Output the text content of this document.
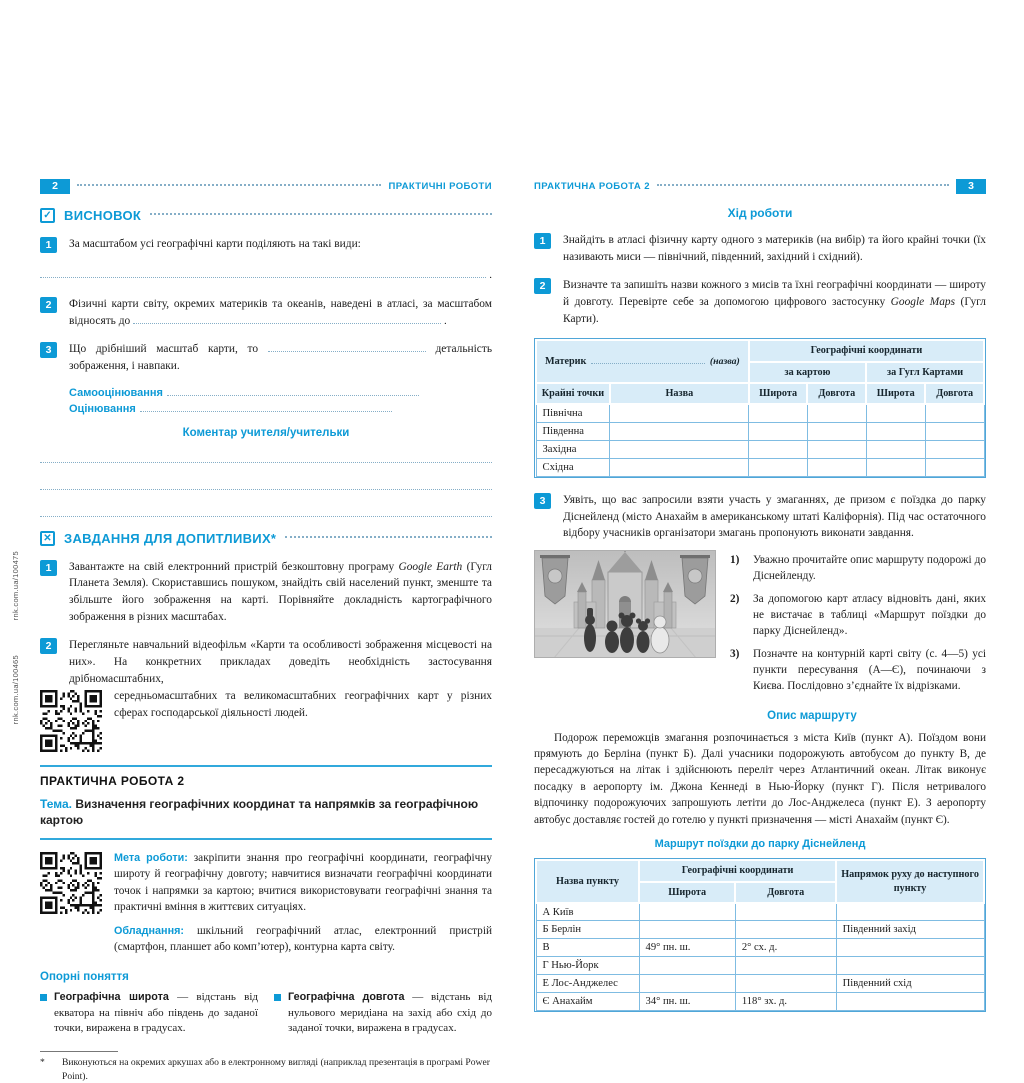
2	ПРАКТИЧНІ РОБОТИ
✓ ВИСНОВОК
1	За масштабом усі географічні карти поділяють на такі види:
.
2	Фізичні карти світу, окремих материків та океанів, наведені в атласі, за масштабом відносять до	.
3	Що дрібніший масштаб карти, то	детальність зображення, і навпаки.
Самооцінювання
Оцінювання
Коментар учителя/учительки
✕ ЗАВДАННЯ ДЛЯ ДОПИТЛИВИХ*
1	Завантажте на свій електронний пристрій безкоштовну програму Google Earth (Гугл Планета Земля). Скориставшись пошуком, знайдіть свій населений пункт, зменште та збільште його зображення на карті. Порівняйте докладність картографічного зображення в різних масштабах.
2	Перегляньте навчальний відеофільм «Карти та особливості зображення місцевості на них». На конкретних прикладах доведіть необхідність застосування дрібномасштабних,
середньомасштабних та великомасштабних географічних карт у різних сферах господарської діяльності людей.
ПРАКТИЧНА РОБОТА 2
Тема. Визначення географічних координат та напрямків за географічною картою

Мета роботи: закріпити знання про географічні координати, географічну широту й географічну довготу; навчитися визначати географічні координати точок і напрямки за картою; вчитися використовувати географічні знання та практичні вміння в життєвих ситуаціях.

Обладнання: шкільний географічний атлас, електронний пристрій (смартфон, планшет або комп’ютер), контурна карта світу.

Опорні поняття
Географічна широта — відстань від екватора на північ або південь до заданої точки, виражена в градусах.
Географічна довгота — відстань від нульового меридіана на захід або схід до заданої точки, виражена в градусах.
*	Виконуються на окремих аркушах або в електронному вигляді (наприклад презентація в програмі Power Point).
rnk.com.ua/100475
rnk.com.ua/100465
ПРАКТИЧНА РОБОТА 2	3
Хід роботи
1	Знайдіть в атласі фізичну карту одного з материків (на вибір) та його крайні точки (їх називають миси — північний, південний, західний і східний).
2	Визначте та запишіть назви кожного з мисів та їхні географічні координати — широту й довготу. Перевірте себе за допомогою цифрового застосунку Google Maps (Гугл Карти).
Материк (назва)		Географічні координати			
		за картою		за Гугл Картами	
Крайні точки	Назва	Широта	Довгота	Широта	Довгота
Північна					
Південна					
Західна					
Східна					
3	Уявіть, що вас запросили взяти участь у змаганнях, де призом є поїздка до парку Діснейленд (місто Анахайм в американському штаті Каліфорнія). Під час остаточного відбору учасників організатори змагань пропонують виконати завдання.
1)	Уважно прочитайте опис маршруту подорожі до Діснейленду.
2)	За допомогою карт атласу відновіть дані, яких не вистачає в таблиці «Маршрут поїздки до парку Діснейленд».
3)	Позначте на контурній карті світу (с. 4—5) усі пункти пересування (А—Є), починаючи з Києва. Послідовно з’єднайте їх відрізками.
Опис маршруту

Подорож переможців змагання розпочинається з міста Київ (пункт А). Поїздом вони прямують до Берліна (пункт Б). Далі учасники подорожують автобусом до пункту В, де пересаджуються на літак і здійснюють переліт через Атлантичний океан. Літак виконує посадку в аеропорту ім. Джона Кеннеді в Нью-Йорку (пункт Г). Після нетривалого відпочинку подорожуючих запрошують летіти до Лос-Анджелеса (пункт Е). З аеропорту автобус доставляє гостей до готелю у пункті призначення — місті Анахайм (пункт Є).

Маршрут поїздки до парку Діснейленд
Назва пункту	Географічні координати		Напрямок руху до наступного пункту
	Широта	Довгота	
А Київ			
Б Берлін			Південний захід
В	49° пн. ш.	2° сх. д.	
Г Нью-Йорк			
Е Лос-Анджелес			Південний схід
Є Анахайм	34° пн. ш.	118° зх. д.	
